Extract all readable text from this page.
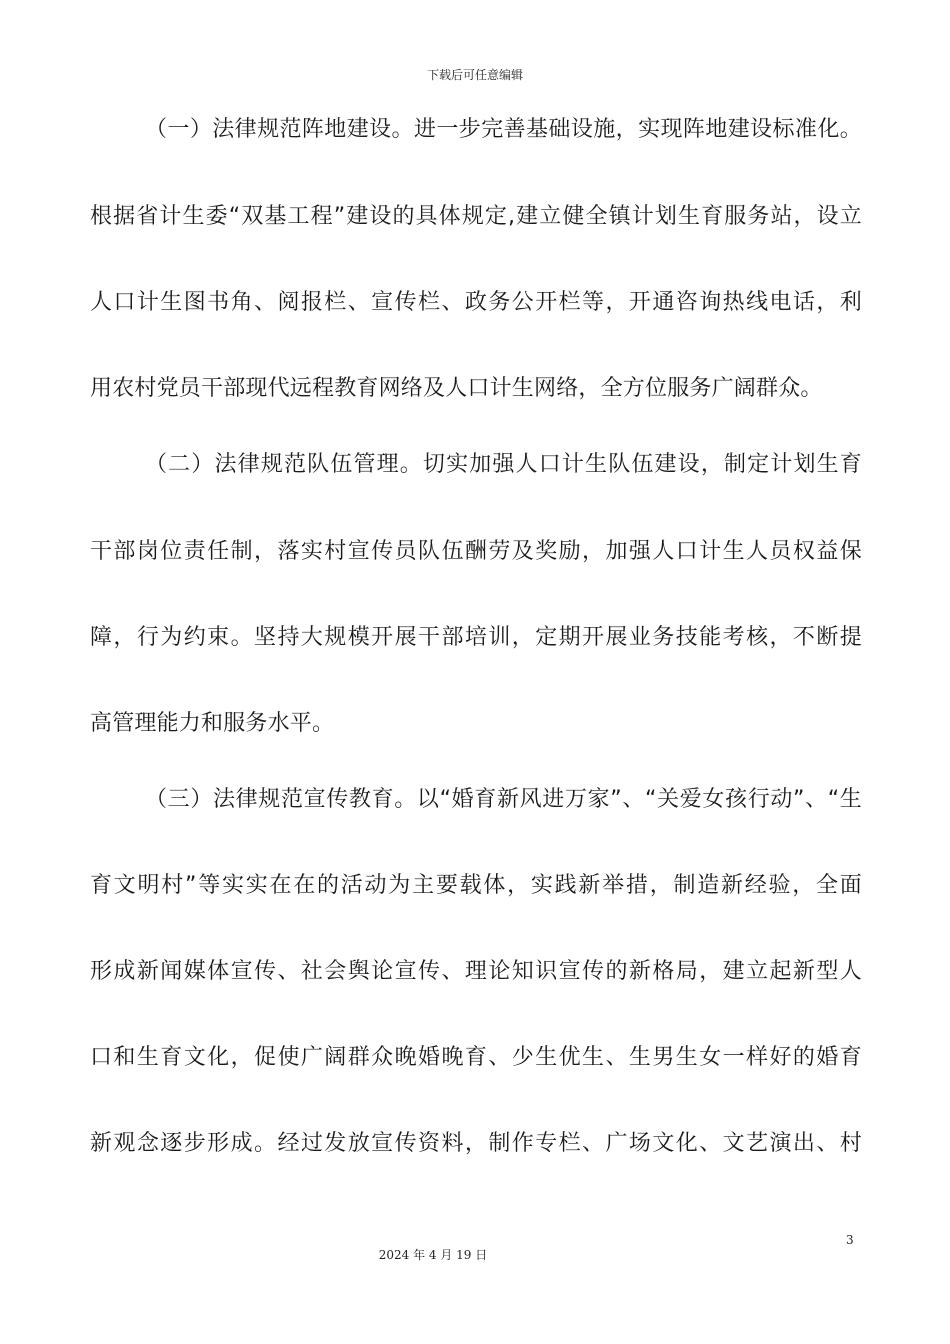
下载后可任意编辑
（一）法律规范阵地建设。进一步完善基础设施，实现阵地建设标准化。
根据省计生委“双基工程”建设的具体规定,建立健全镇计划生育服务站，设立
人口计生图书角、阅报栏、宣传栏、政务公开栏等，开通咨询热线电话，利
用农村党员干部现代远程教育网络及人口计生网络，全方位服务广阔群众。
（二）法律规范队伍管理。切实加强人口计生队伍建设，制定计划生育
干部岗位责任制，落实村宣传员队伍酬劳及奖励，加强人口计生人员权益保
障，行为约束。坚持大规模开展干部培训，定期开展业务技能考核，不断提
高管理能力和服务水平。
（三）法律规范宣传教育。以“婚育新风进万家”、“关爱女孩行动”、“生
育文明村”等实实在在的活动为主要载体，实践新举措，制造新经验，全面
形成新闻媒体宣传、社会舆论宣传、理论知识宣传的新格局，建立起新型人
口和生育文化，促使广阔群众晚婚晚育、少生优生、生男生女一样好的婚育
新观念逐步形成。经过发放宣传资料，制作专栏、广场文化、文艺演出、村
3
2024 年 4 月 19 日
